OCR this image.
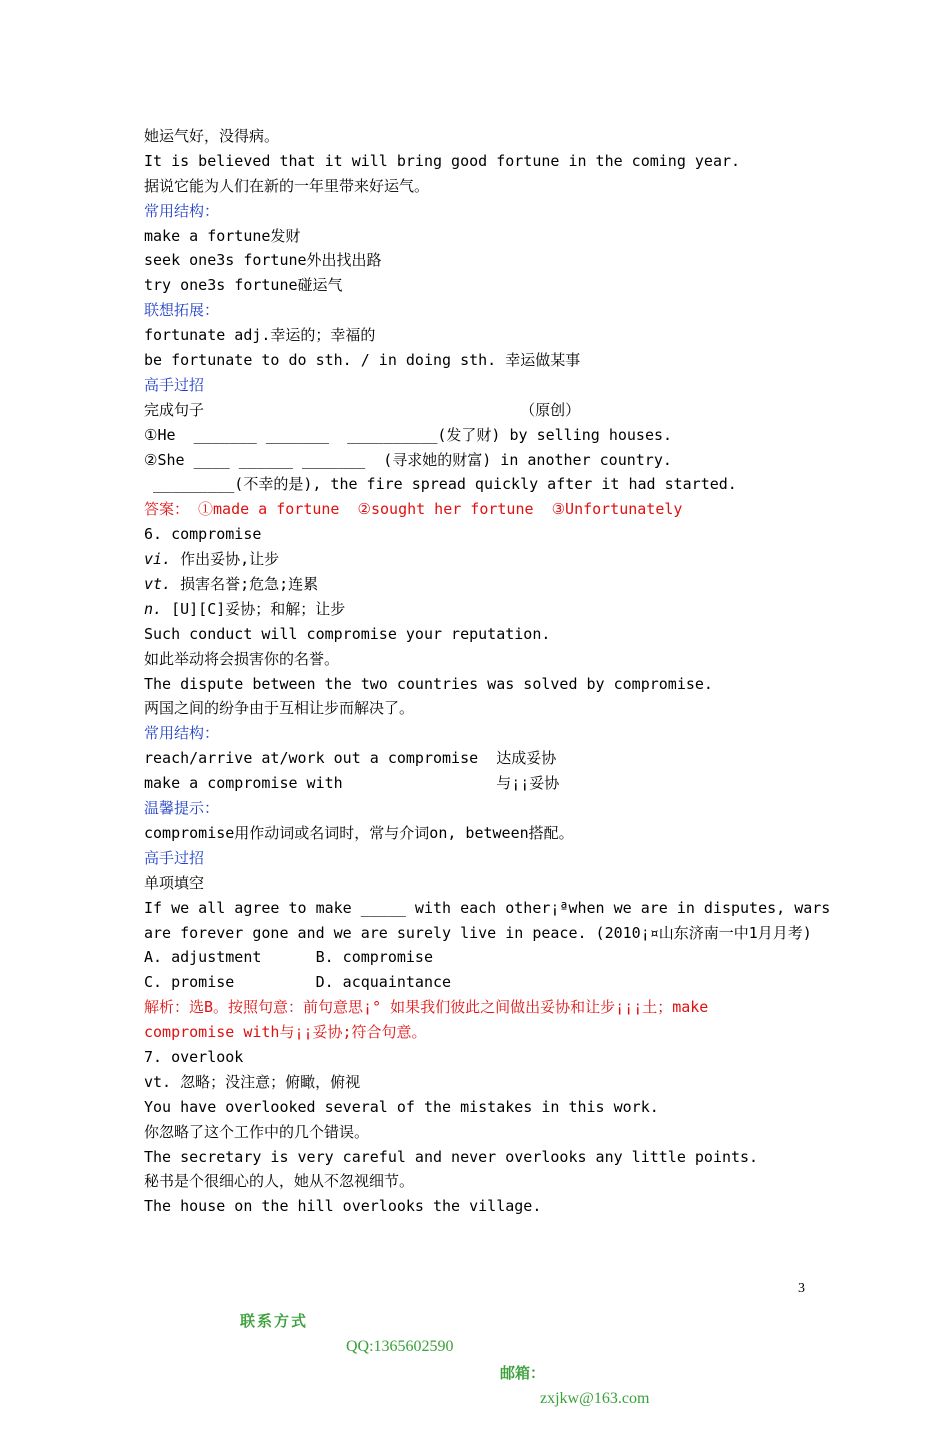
她运气好，没得病。
It is believed that it will bring good fortune in the coming year.
据说它能为人们在新的一年里带来好运气。
常用结构：
make a fortune发财
seek one3s fortune外出找出路
try one3s fortune碰运气
联想拓展：
fortunate adj.幸运的；幸福的
be fortunate to do sth. / in doing sth. 幸运做某事
高手过招
完成句子                                   （原创）
①He  _______ _______  __________(发了财) by selling houses.
②She ____ ______ _______  (寻求她的财富) in another country.
_________(不幸的是), the fire spread quickly after it had started.
答案： ①made a fortune  ②sought her fortune  ③Unfortunately
6. compromise
vi. 作出妥协,让步
vt. 损害名誉;危急;连累
n. [U][C]妥协；和解；让步
Such conduct will compromise your reputation.
如此举动将会损害你的名誉。
The dispute between the two countries was solved by compromise.
两国之间的纷争由于互相让步而解决了。
常用结构：
reach/arrive at/work out a compromise  达成妥协
make a compromise with                 与¡¡妥协
温馨提示：
compromise用作动词或名词时，常与介词on, between搭配。
高手过招
单项填空
If we all agree to make _____ with each other¡ªwhen we are in disputes, wars
are forever gone and we are surely live in peace. (2010¡¤山东济南一中1月月考)
A. adjustment      B. compromise
C. promise         D. acquaintance
解析：选B。按照句意：前句意思¡° 如果我们彼此之间做出妥协和让步¡¡¡土；make
compromise with与¡¡妥协;符合句意。
7. overlook
vt. 忽略；没注意；俯瞰，俯视
You have overlooked several of the mistakes in this work.
你忽略了这个工作中的几个错误。
The secretary is very careful and never overlooks any little points.
秘书是个很细心的人，她从不忽视细节。
The house on the hill overlooks the village.

联系方式

QQ:1365602590

邮箱：

zxjkw@163.com

3
